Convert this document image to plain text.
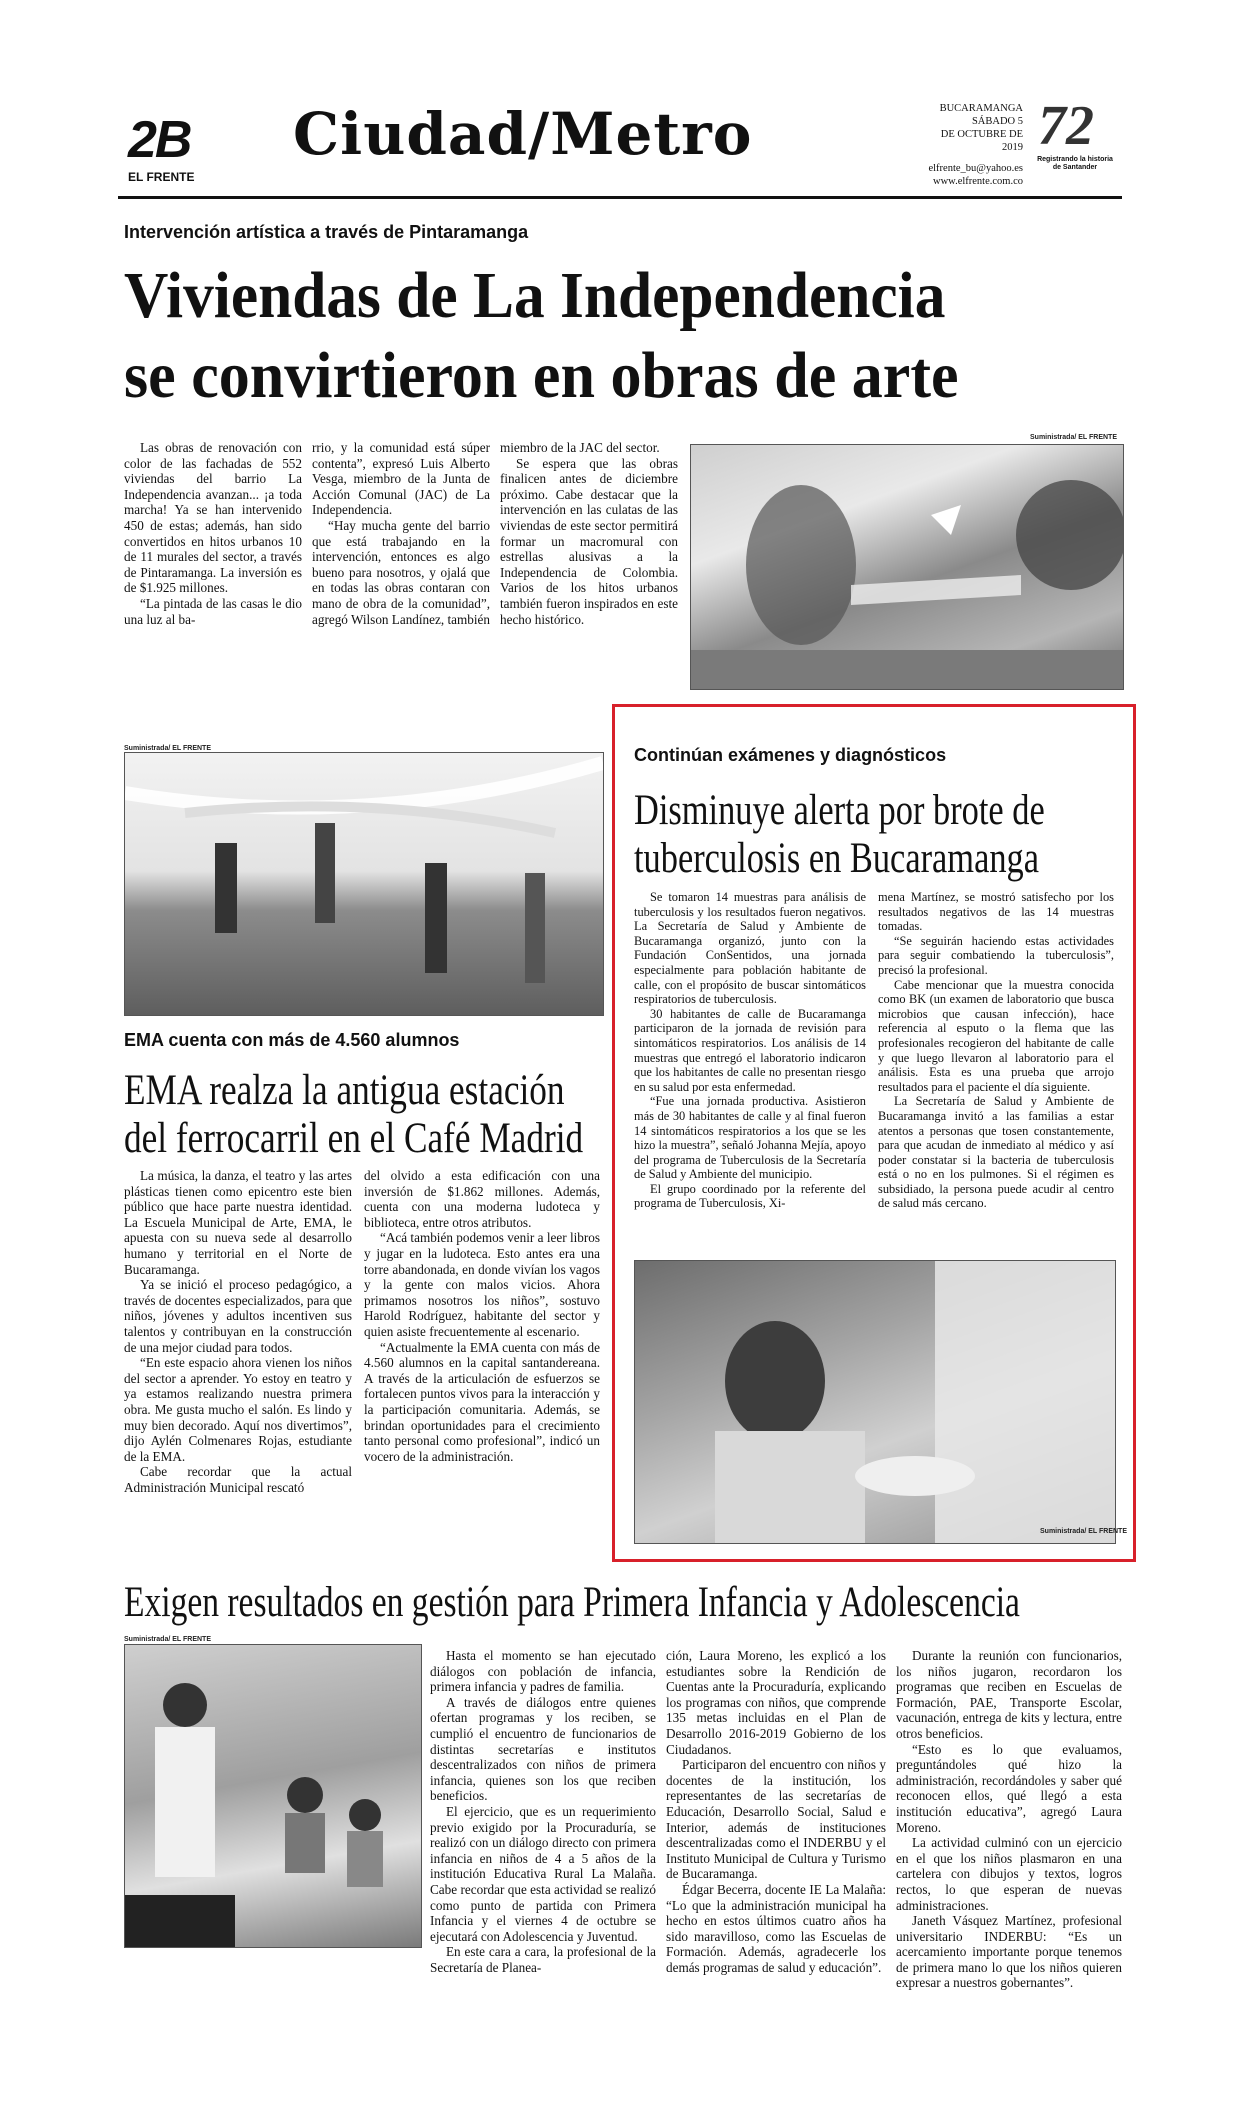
2B
EL FRENTE
Ciudad/Metro	BUCARAMANGA
SÁBADO 5
DE OCTUBRE DE 2019
elfrente_bu@yahoo.es
www.elfrente.com.co
72
Registrando la historia
de Santander
Intervención artística a través de Pintaramanga
Viviendas de La Independencia
se convirtieron en obras de arte

Las obras de renovación con color de las fachadas de 552 viviendas del barrio La Independencia avanzan... ¡a toda marcha! Ya se han intervenido 450 de estas; además, han sido convertidos en hitos urbanos 10 de 11 murales del sector, a través de Pintaramanga. La inversión es de $1.925 millones.

“La pintada de las casas le dio una luz al ba-

rrio, y la comunidad está súper contenta”, expresó Luis Alberto Vesga, miembro de la Junta de Acción Comunal (JAC) de La Independencia.

“Hay mucha gente del barrio que está trabajando en la intervención, entonces es algo bueno para nosotros, y ojalá que en todas las obras contaran con mano de obra de la comunidad”, agregó Wilson Landínez, también

miembro de la JAC del sector.

Se espera que las obras finalicen antes de diciembre próximo. Cabe destacar que la intervención en las culatas de las viviendas de este sector permitirá formar un macromural con estrellas alusivas a la Independencia de Colombia. Varios de los hitos urbanos también fueron inspirados en este hecho histórico.

Suministrada/ EL FRENTE
Suministrada/ EL FRENTE
EMA cuenta con más de 4.560 alumnos
EMA realza la antigua estación
del ferrocarril en el Café Madrid

La música, la danza, el teatro y las artes plásticas tienen como epicentro este bien público que hace parte nuestra identidad. La Escuela Municipal de Arte, EMA, le apuesta con su nueva sede al desarrollo humano y territorial en el Norte de Bucaramanga.

Ya se inició el proceso pedagógico, a través de docentes especializados, para que niños, jóvenes y adultos incentiven sus talentos y contribuyan en la construcción de una mejor ciudad para todos.

“En este espacio ahora vienen los niños del sector a aprender. Yo estoy en teatro y ya estamos realizando nuestra primera obra. Me gusta mucho el salón. Es lindo y muy bien decorado. Aquí nos divertimos”, dijo Aylén Colmenares Rojas, estudiante de la EMA.

Cabe recordar que la actual Administración Municipal rescató

del olvido a esta edificación con una inversión de $1.862 millones. Además, cuenta con una moderna ludoteca y biblioteca, entre otros atributos.

“Acá también podemos venir a leer libros y jugar en la ludoteca. Esto antes era una torre abandonada, en donde vivían los vagos y la gente con malos vicios. Ahora primamos nosotros los niños”, sostuvo Harold Rodríguez, habitante del sector y quien asiste frecuentemente al escenario.

“Actualmente la EMA cuenta con más de 4.560 alumnos en la capital santandereana. A través de la articulación de esfuerzos se fortalecen puntos vivos para la interacción y la participación comunitaria. Además, se brindan oportunidades para el crecimiento tanto personal como profesional”, indicó un vocero de la administración.

Continúan exámenes y diagnósticos
Disminuye alerta por brote de
tuberculosis en Bucaramanga

Se tomaron 14 muestras para análisis de tuberculosis y los resultados fueron negativos. La Secretaría de Salud y Ambiente de Bucaramanga organizó, junto con la Fundación ConSentidos, una jornada especialmente para población habitante de calle, con el propósito de buscar sintomáticos respiratorios de tuberculosis.

30 habitantes de calle de Bucaramanga participaron de la jornada de revisión para sintomáticos respiratorios. Los análisis de 14 muestras que entregó el laboratorio indicaron que los habitantes de calle no presentan riesgo en su salud por esta enfermedad.

“Fue una jornada productiva. Asistieron más de 30 habitantes de calle y al final fueron 14 sintomáticos respiratorios a los que se les hizo la muestra”, señaló Johanna Mejía, apoyo del programa de Tuberculosis de la Secretaría de Salud y Ambiente del municipio.

El grupo coordinado por la referente del programa de Tuberculosis, Xi-

mena Martínez, se mostró satisfecho por los resultados negativos de las 14 muestras tomadas.

“Se seguirán haciendo estas actividades para seguir combatiendo la tuberculosis”, precisó la profesional.

Cabe mencionar que la muestra conocida como BK (un examen de laboratorio que busca microbios que causan infección), hace referencia al esputo o la flema que las profesionales recogieron del habitante de calle y que luego llevaron al laboratorio para el análisis. Esta es una prueba que arrojo resultados para el paciente el día siguiente.

La Secretaría de Salud y Ambiente de Bucaramanga invitó a las familias a estar atentos a personas que tosen constantemente, para que acudan de inmediato al médico y así poder constatar si la bacteria de tuberculosis está o no en los pulmones. Si el régimen es subsidiado, la persona puede acudir al centro de salud más cercano.

Suministrada/ EL FRENTE
Exigen resultados en gestión para Primera Infancia y Adolescencia
Suministrada/ EL FRENTE

Hasta el momento se han ejecutado diálogos con población de infancia, primera infancia y padres de familia.

A través de diálogos entre quienes ofertan programas y los reciben, se cumplió el encuentro de funcionarios de distintas secretarías e institutos descentralizados con niños de primera infancia, quienes son los que reciben beneficios.

El ejercicio, que es un requerimiento previo exigido por la Procuraduría, se realizó con un diálogo directo con primera infancia en niños de 4 a 5 años de la institución Educativa Rural La Malaña. Cabe recordar que esta actividad se realizó como punto de partida con Primera Infancia y el viernes 4 de octubre se ejecutará con Adolescencia y Juventud.

En este cara a cara, la profesional de la Secretaría de Planea-

ción, Laura Moreno, les explicó a los estudiantes sobre la Rendición de Cuentas ante la Procuraduría, explicando los programas con niños, que comprende 135 metas incluidas en el Plan de Desarrollo 2016-2019 Gobierno de los Ciudadanos.

Participaron del encuentro con niños y docentes de la institución, los representantes de las secretarías de Educación, Desarrollo Social, Salud e Interior, además de instituciones descentralizadas como el INDERBU y el Instituto Municipal de Cultura y Turismo de Bucaramanga.

Édgar Becerra, docente IE La Malaña: “Lo que la administración municipal ha hecho en estos últimos cuatro años ha sido maravilloso, como las Escuelas de Formación. Además, agradecerle los demás programas de salud y educación”.

Durante la reunión con funcionarios, los niños jugaron, recordaron los programas que reciben en Escuelas de Formación, PAE, Transporte Escolar, vacunación, entrega de kits y lectura, entre otros beneficios.

“Esto es lo que evaluamos, preguntándoles qué hizo la administración, recordándoles y saber qué reconocen ellos, qué llegó a esta institución educativa”, agregó Laura Moreno.

La actividad culminó con un ejercicio en el que los niños plasmaron en una cartelera con dibujos y textos, logros rectos, lo que esperan de nuevas administraciones.

Janeth Vásquez Martínez, profesional universitario INDERBU: “Es un acercamiento importante porque tenemos de primera mano lo que los niños quieren expresar a nuestros gobernantes”.
